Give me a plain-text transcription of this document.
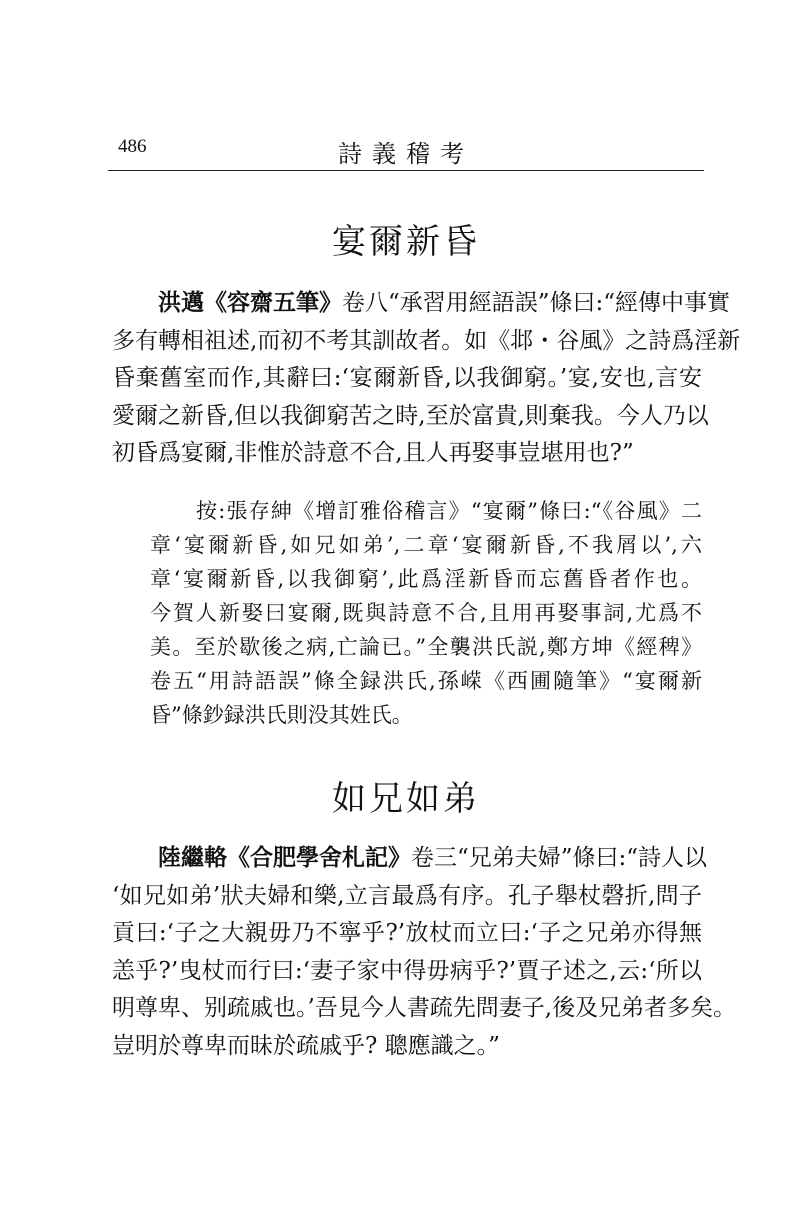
486	詩義稽考
宴爾新昏
洪邁《容齋五筆》卷八“承習用經語誤”條曰:“經傳中事實
多有轉相祖述,而初不考其訓故者。如《邶・谷風》之詩爲淫新
昏棄舊室而作,其辭曰:‘宴爾新昏,以我御窮。’宴,安也,言安
愛爾之新昏,但以我御窮苦之時,至於富貴,則棄我。今人乃以
初昏爲宴爾,非惟於詩意不合,且人再娶事豈堪用也?”
按:張存紳《增訂雅俗稽言》“宴爾”條曰:“《谷風》二
章‘宴爾新昏,如兄如弟’,二章‘宴爾新昏,不我屑以’,六
章‘宴爾新昏,以我御窮’,此爲淫新昏而忘舊昏者作也。
今賀人新娶曰宴爾,既與詩意不合,且用再娶事詞,尤爲不
美。至於歇後之病,亡論已。”全襲洪氏説,鄭方坤《經稗》
卷五“用詩語誤”條全録洪氏,孫嵘《西圃隨筆》“宴爾新
昏”條鈔録洪氏則没其姓氏。
如兄如弟
陸繼輅《合肥學舍札記》卷三“兄弟夫婦”條曰:“詩人以
‘如兄如弟’狀夫婦和樂,立言最爲有序。孔子舉杖磬折,問子
貢曰:‘子之大親毋乃不寧乎?’放杖而立曰:‘子之兄弟亦得無
恙乎?’曳杖而行曰:‘妻子家中得毋病乎?’賈子述之,云:‘所以
明尊卑、别疏戚也。’吾見今人書疏先問妻子,後及兄弟者多矣。
豈明於尊卑而昧於疏戚乎? 聰應識之。”
